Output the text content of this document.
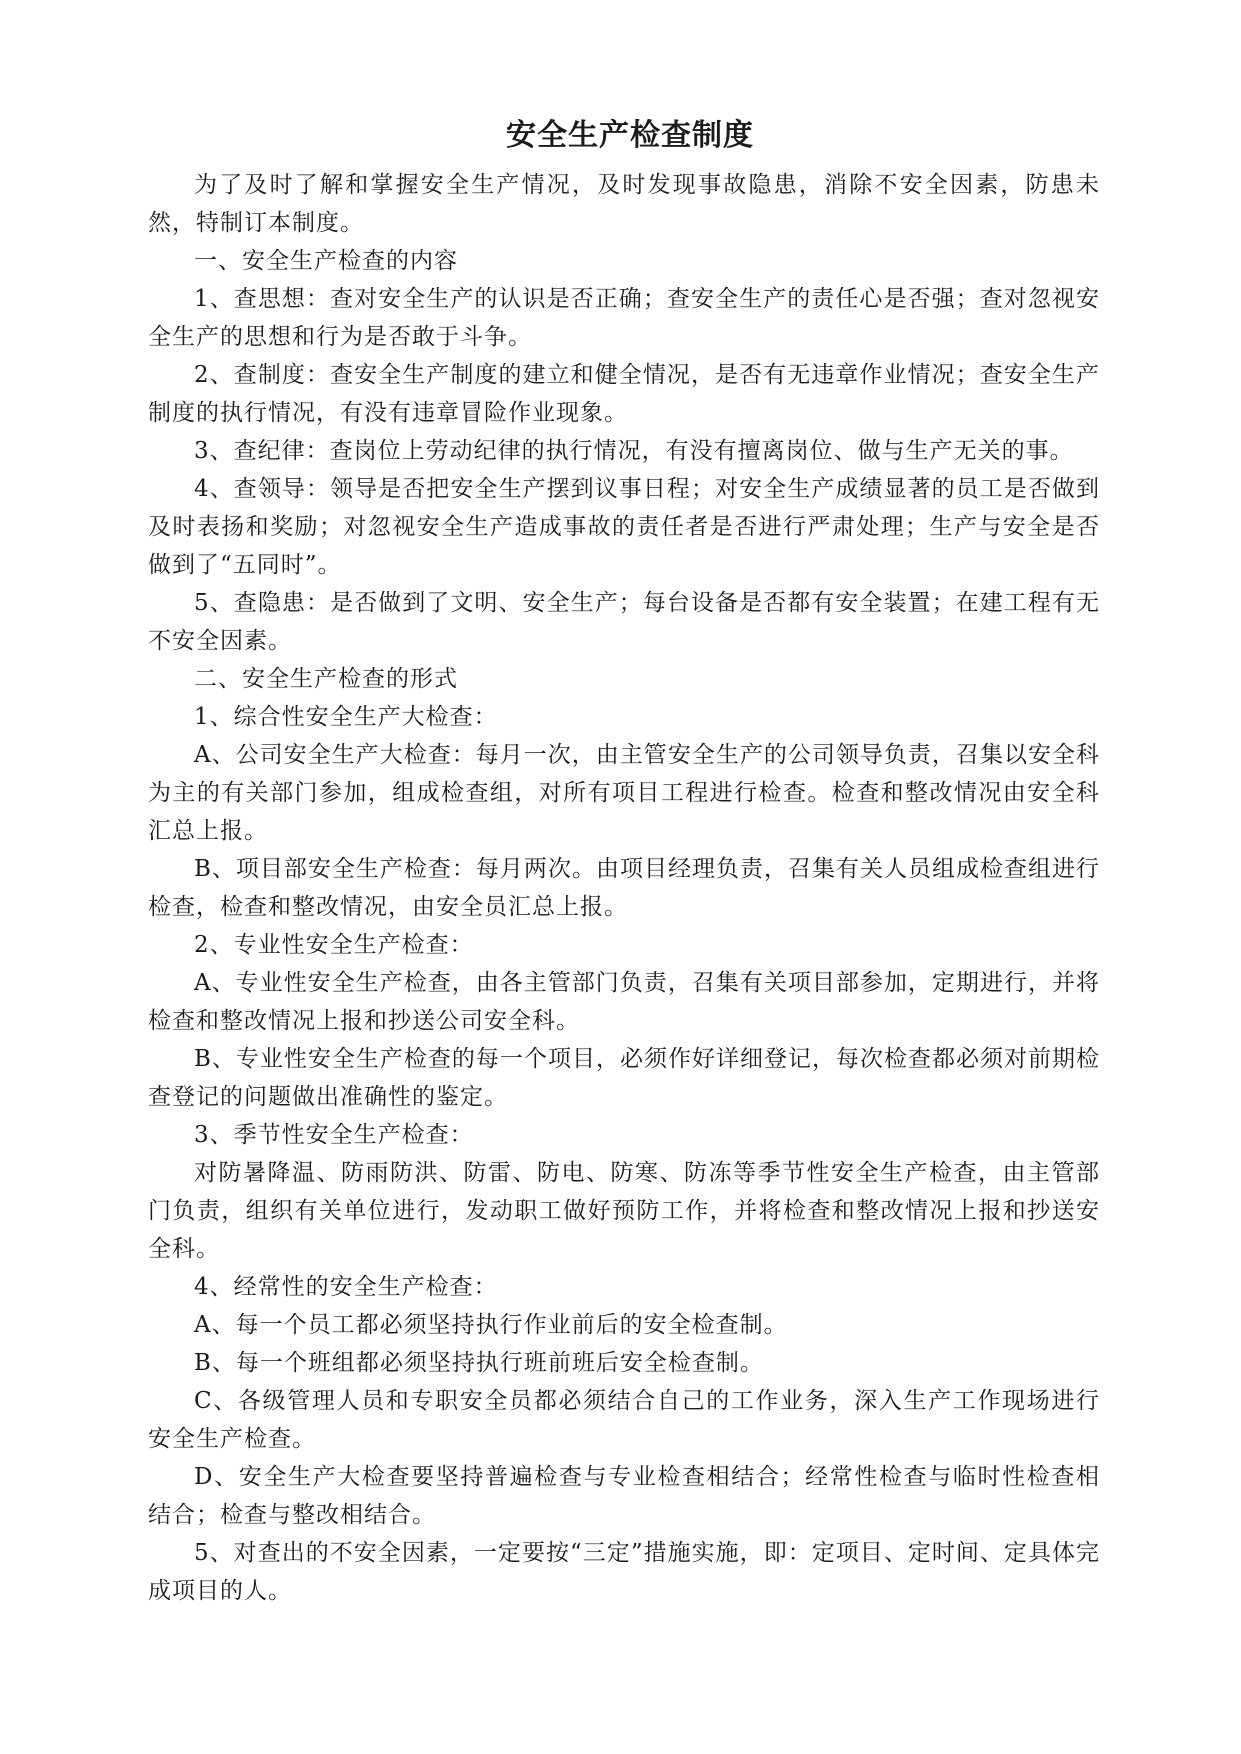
安全生产检查制度

为了及时了解和掌握安全生产情况，及时发现事故隐患，消除不安全因素，防患未然，特制订本制度。

一、安全生产检查的内容

1、查思想：查对安全生产的认识是否正确；查安全生产的责任心是否强；查对忽视安全生产的思想和行为是否敢于斗争。

2、查制度：查安全生产制度的建立和健全情况，是否有无违章作业情况；查安全生产制度的执行情况，有没有违章冒险作业现象。

3、查纪律：查岗位上劳动纪律的执行情况，有没有擅离岗位、做与生产无关的事。

4、查领导：领导是否把安全生产摆到议事日程；对安全生产成绩显著的员工是否做到及时表扬和奖励；对忽视安全生产造成事故的责任者是否进行严肃处理；生产与安全是否做到了“五同时”。

5、查隐患：是否做到了文明、安全生产；每台设备是否都有安全装置；在建工程有无不安全因素。

二、安全生产检查的形式

1、综合性安全生产大检查：

A、公司安全生产大检查：每月一次，由主管安全生产的公司领导负责，召集以安全科为主的有关部门参加，组成检查组，对所有项目工程进行检查。检查和整改情况由安全科汇总上报。

B、项目部安全生产检查：每月两次。由项目经理负责，召集有关人员组成检查组进行检查，检查和整改情况，由安全员汇总上报。

2、专业性安全生产检查：

A、专业性安全生产检查，由各主管部门负责，召集有关项目部参加，定期进行，并将检查和整改情况上报和抄送公司安全科。

B、专业性安全生产检查的每一个项目，必须作好详细登记，每次检查都必须对前期检查登记的问题做出准确性的鉴定。

3、季节性安全生产检查：

对防暑降温、防雨防洪、防雷、防电、防寒、防冻等季节性安全生产检查，由主管部门负责，组织有关单位进行，发动职工做好预防工作，并将检查和整改情况上报和抄送安全科。

4、经常性的安全生产检查：

A、每一个员工都必须坚持执行作业前后的安全检查制。

B、每一个班组都必须坚持执行班前班后安全检查制。

C、各级管理人员和专职安全员都必须结合自己的工作业务，深入生产工作现场进行安全生产检查。

D、安全生产大检查要坚持普遍检查与专业检查相结合；经常性检查与临时性检查相结合；检查与整改相结合。

5、对查出的不安全因素，一定要按“三定”措施实施，即：定项目、定时间、定具体完成项目的人。
